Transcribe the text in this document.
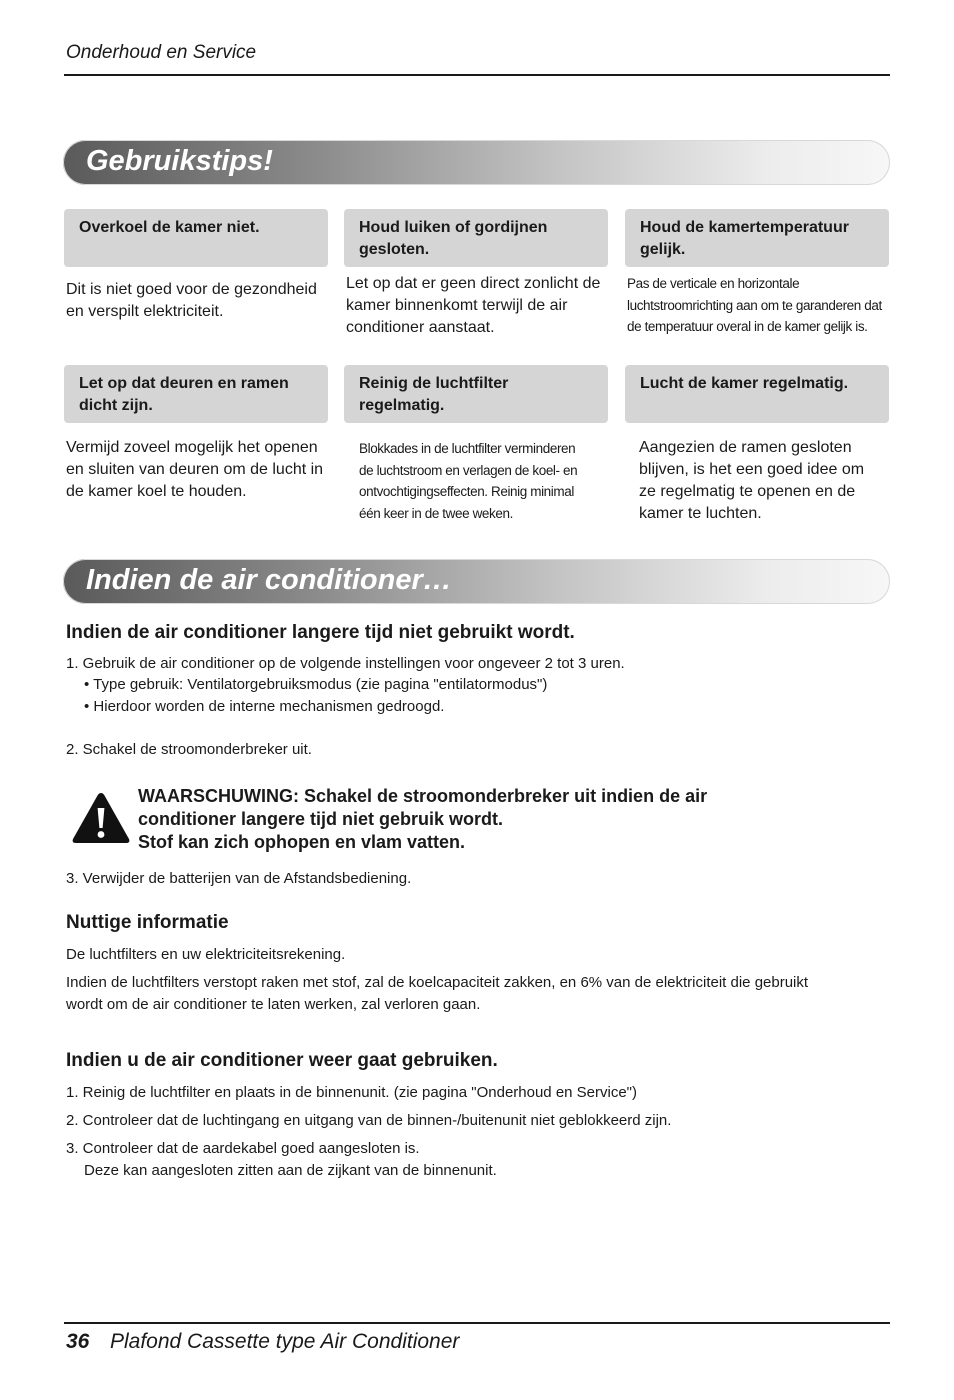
Onderhoud en Service
Gebruikstips!
Overkoel de kamer niet.	Houd luiken of gordijnen gesloten.
Houd de kamertemperatuur gelijk.
Dit is niet goed voor de gezondheid en verspilt elektriciteit.
Let op dat er geen direct zonlicht de kamer binnenkomt terwijl de air conditioner aanstaat.
Pas de verticale en horizontale luchtstroomrichting aan om te garanderen dat de temperatuur overal in de kamer gelijk is.
Let op dat deuren en ramen dicht zijn.
Reinig de luchtfilter regelmatig.
Lucht de kamer regelmatig.
Vermijd zoveel mogelijk het openen en sluiten van deuren om de lucht in de kamer koel te houden.
Blokkades in de luchtfilter verminderen de luchtstroom en verlagen de koel- en ontvochtigingseffecten. Reinig minimal één keer in de twee weken.
Aangezien de ramen gesloten blijven, is het een goed idee om ze regelmatig te openen en de kamer te luchten.
Indien de air conditioner…
Indien de air conditioner langere tijd niet gebruikt wordt.
1. Gebruik de air conditioner op de volgende instellingen voor ongeveer 2 tot 3 uren.
• Type gebruik: Ventilatorgebruiksmodus (zie pagina "entilatormodus")
• Hierdoor worden de interne mechanismen gedroogd.
2. Schakel de stroomonderbreker uit.
WAARSCHUWING: Schakel de stroomonderbreker uit indien de air
conditioner langere tijd niet gebruik wordt.
Stof kan zich ophopen en vlam vatten.
3. Verwijder de batterijen van de Afstandsbediening.
Nuttige informatie
De luchtfilters en uw elektriciteitsrekening.
Indien de luchtfilters verstopt raken met stof, zal de koelcapaciteit zakken, en 6% van de elektriciteit die gebruikt
wordt om de air conditioner te laten werken, zal verloren gaan.
Indien u de air conditioner weer gaat gebruiken.
1. Reinig de luchtfilter en plaats in de binnenunit. (zie pagina "Onderhoud en Service")
2. Controleer dat de luchtingang en uitgang van de binnen-/buitenunit niet geblokkeerd zijn.
3. Controleer dat de aardekabel goed aangesloten is.
Deze kan aangesloten zitten aan de zijkant van de binnenunit.
36 Plafond Cassette type Air Conditioner
